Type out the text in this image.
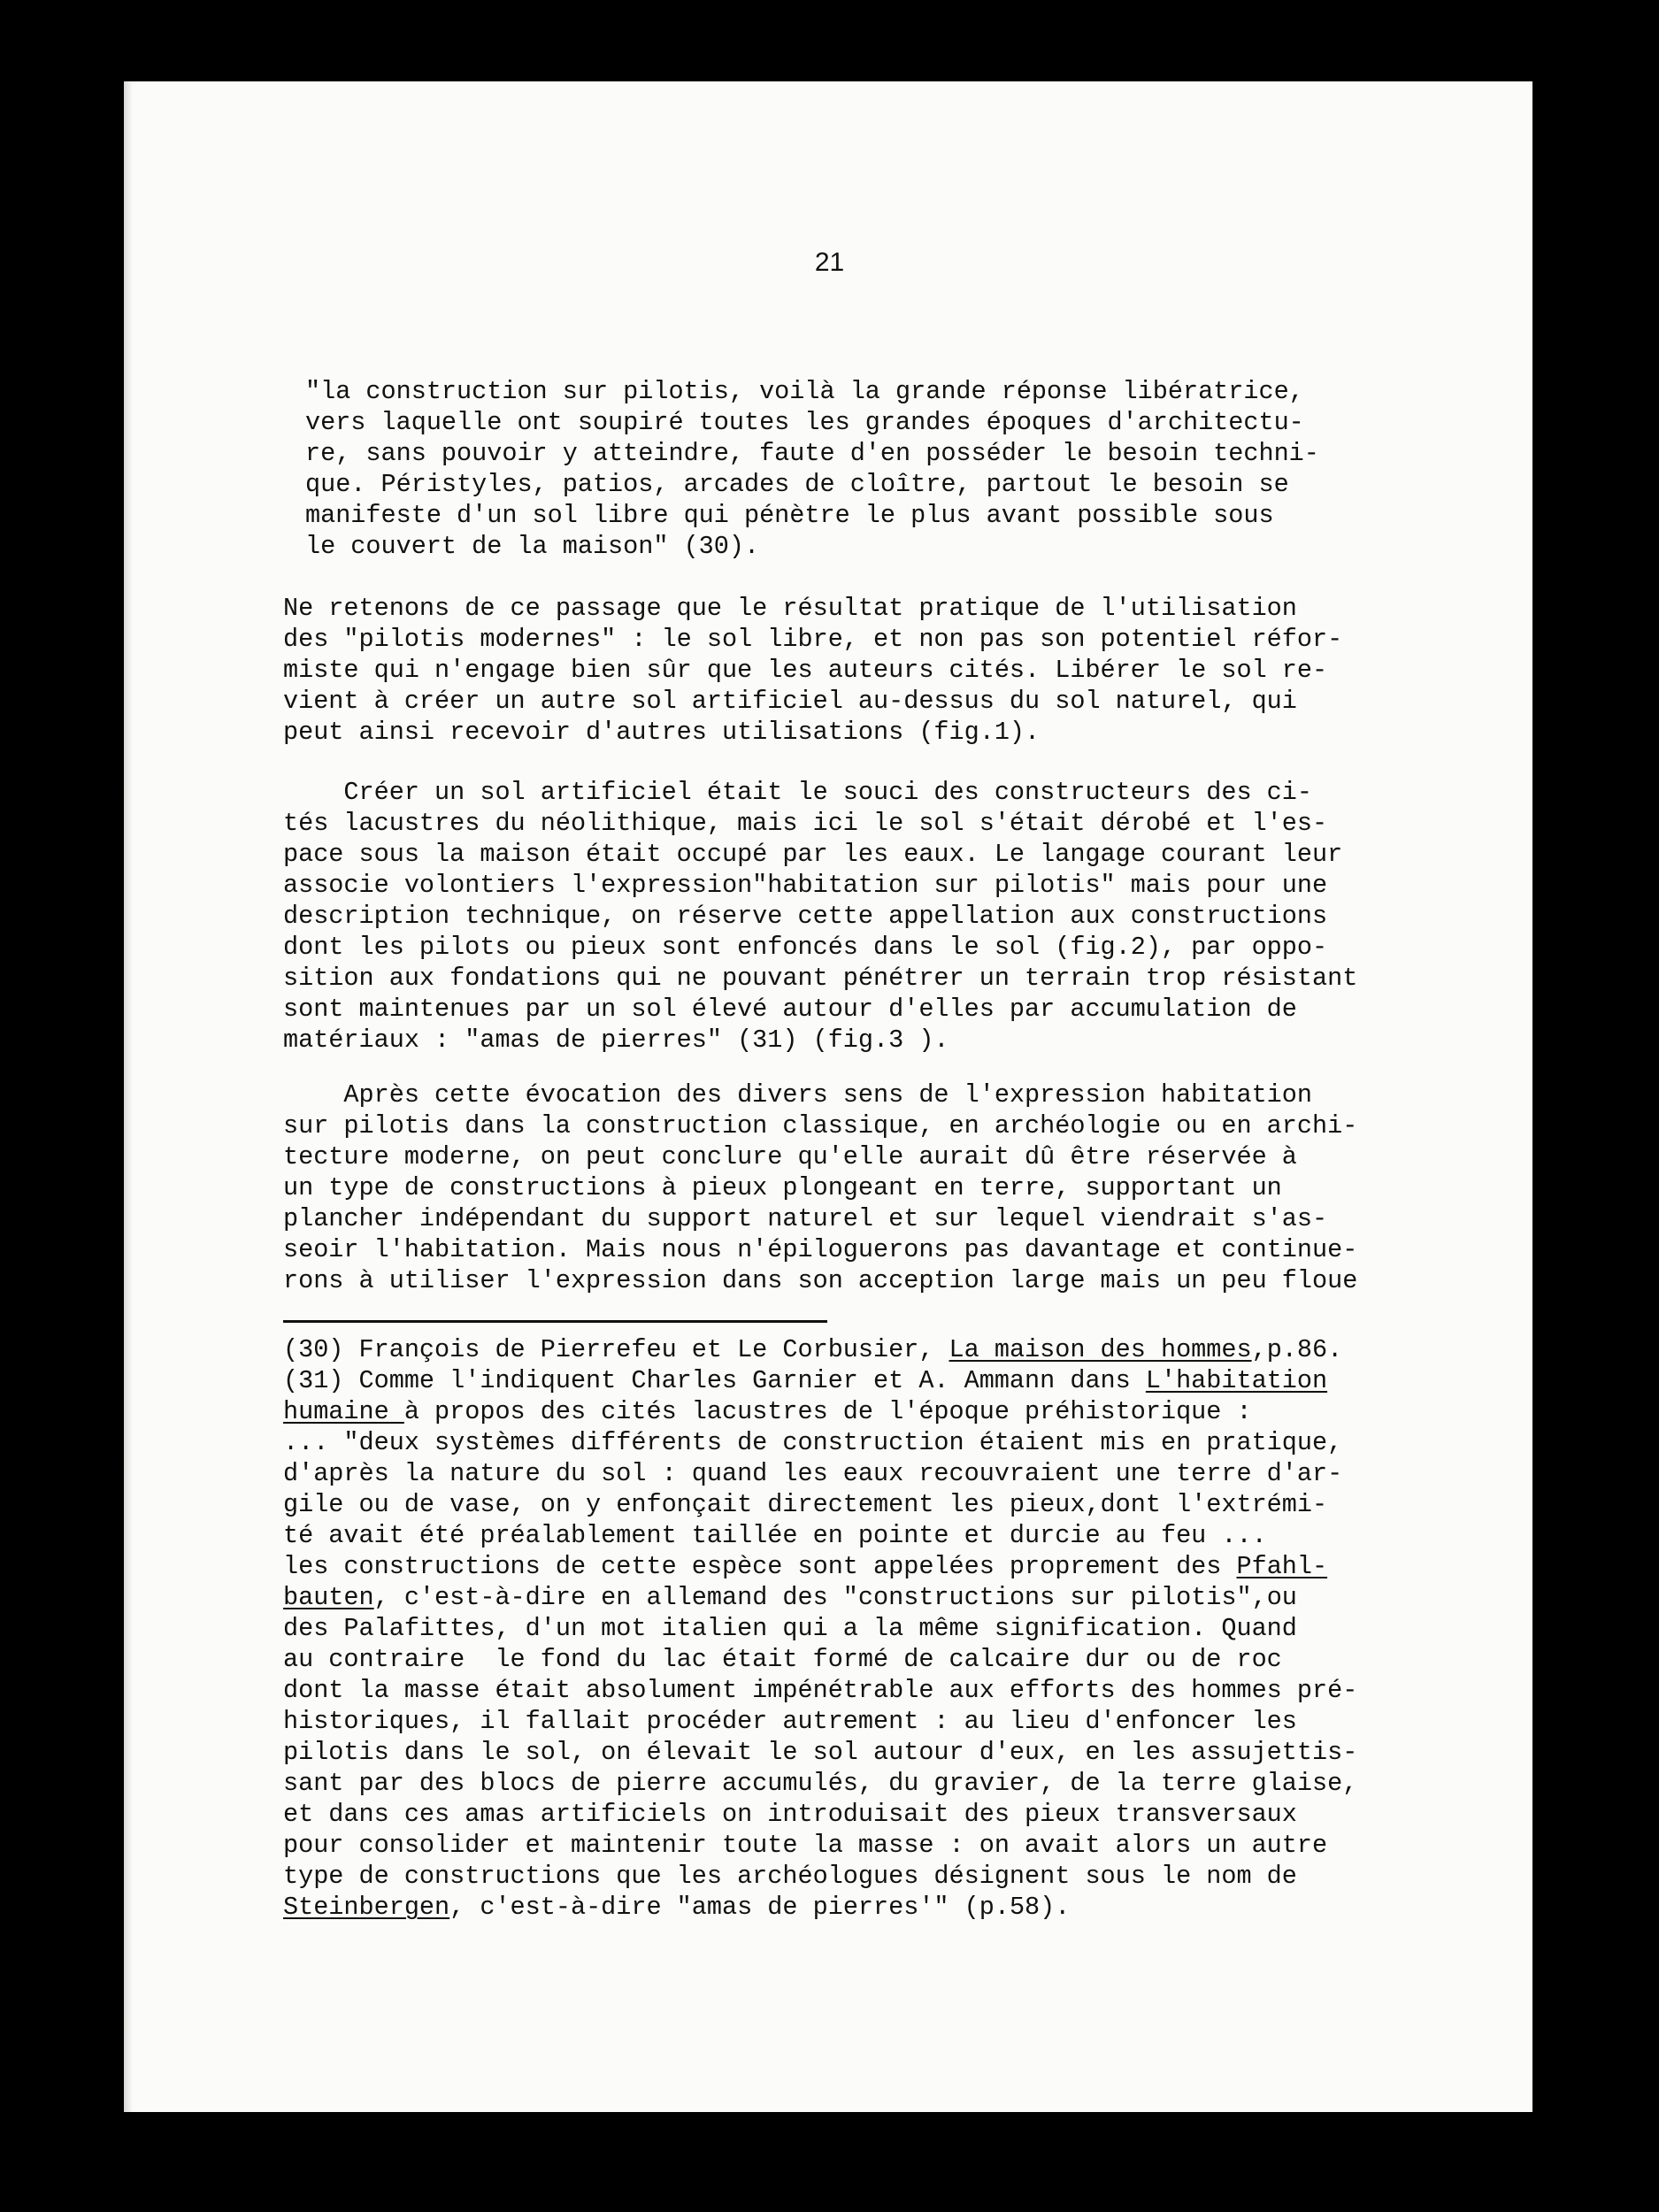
21
"la construction sur pilotis, voilà la grande réponse libératrice,
vers laquelle ont soupiré toutes les grandes époques d'architectu-
re, sans pouvoir y atteindre, faute d'en posséder le besoin techni-
que. Péristyles, patios, arcades de cloître, partout le besoin se
manifeste d'un sol libre qui pénètre le plus avant possible sous
le couvert de la maison" (30).
Ne retenons de ce passage que le résultat pratique de l'utilisation
des "pilotis modernes" : le sol libre, et non pas son potentiel réfor-
miste qui n'engage bien sûr que les auteurs cités. Libérer le sol re-
vient à créer un autre sol artificiel au-dessus du sol naturel, qui
peut ainsi recevoir d'autres utilisations (fig.1).
Créer un sol artificiel était le souci des constructeurs des ci-
tés lacustres du néolithique, mais ici le sol s'était dérobé et l'es-
pace sous la maison était occupé par les eaux. Le langage courant leur
associe volontiers l'expression"habitation sur pilotis" mais pour une
description technique, on réserve cette appellation aux constructions
dont les pilots ou pieux sont enfoncés dans le sol (fig.2), par oppo-
sition aux fondations qui ne pouvant pénétrer un terrain trop résistant
sont maintenues par un sol élevé autour d'elles par accumulation de
matériaux : "amas de pierres" (31) (fig.3 ).
Après cette évocation des divers sens de l'expression habitation
sur pilotis dans la construction classique, en archéologie ou en archi-
tecture moderne, on peut conclure qu'elle aurait dû être réservée à
un type de constructions à pieux plongeant en terre, supportant un
plancher indépendant du support naturel et sur lequel viendrait s'as-
seoir l'habitation. Mais nous n'épiloguerons pas davantage et continue-
rons à utiliser l'expression dans son acception large mais un peu floue
(30) François de Pierrefeu et Le Corbusier, La maison des hommes,p.86.
(31) Comme l'indiquent Charles Garnier et A. Ammann dans L'habitation
humaine à propos des cités lacustres de l'époque préhistorique :
... "deux systèmes différents de construction étaient mis en pratique,
d'après la nature du sol : quand les eaux recouvraient une terre d'ar-
gile ou de vase, on y enfonçait directement les pieux,dont l'extrémi-
té avait été préalablement taillée en pointe et durcie au feu ...
les constructions de cette espèce sont appelées proprement des Pfahl-
bauten, c'est-à-dire en allemand des "constructions sur pilotis",ou
des Palafittes, d'un mot italien qui a la même signification. Quand
au contraire  le fond du lac était formé de calcaire dur ou de roc
dont la masse était absolument impénétrable aux efforts des hommes pré-
historiques, il fallait procéder autrement : au lieu d'enfoncer les
pilotis dans le sol, on élevait le sol autour d'eux, en les assujettis-
sant par des blocs de pierre accumulés, du gravier, de la terre glaise,
et dans ces amas artificiels on introduisait des pieux transversaux
pour consolider et maintenir toute la masse : on avait alors un autre
type de constructions que les archéologues désignent sous le nom de
Steinbergen, c'est-à-dire "amas de pierres'" (p.58).
